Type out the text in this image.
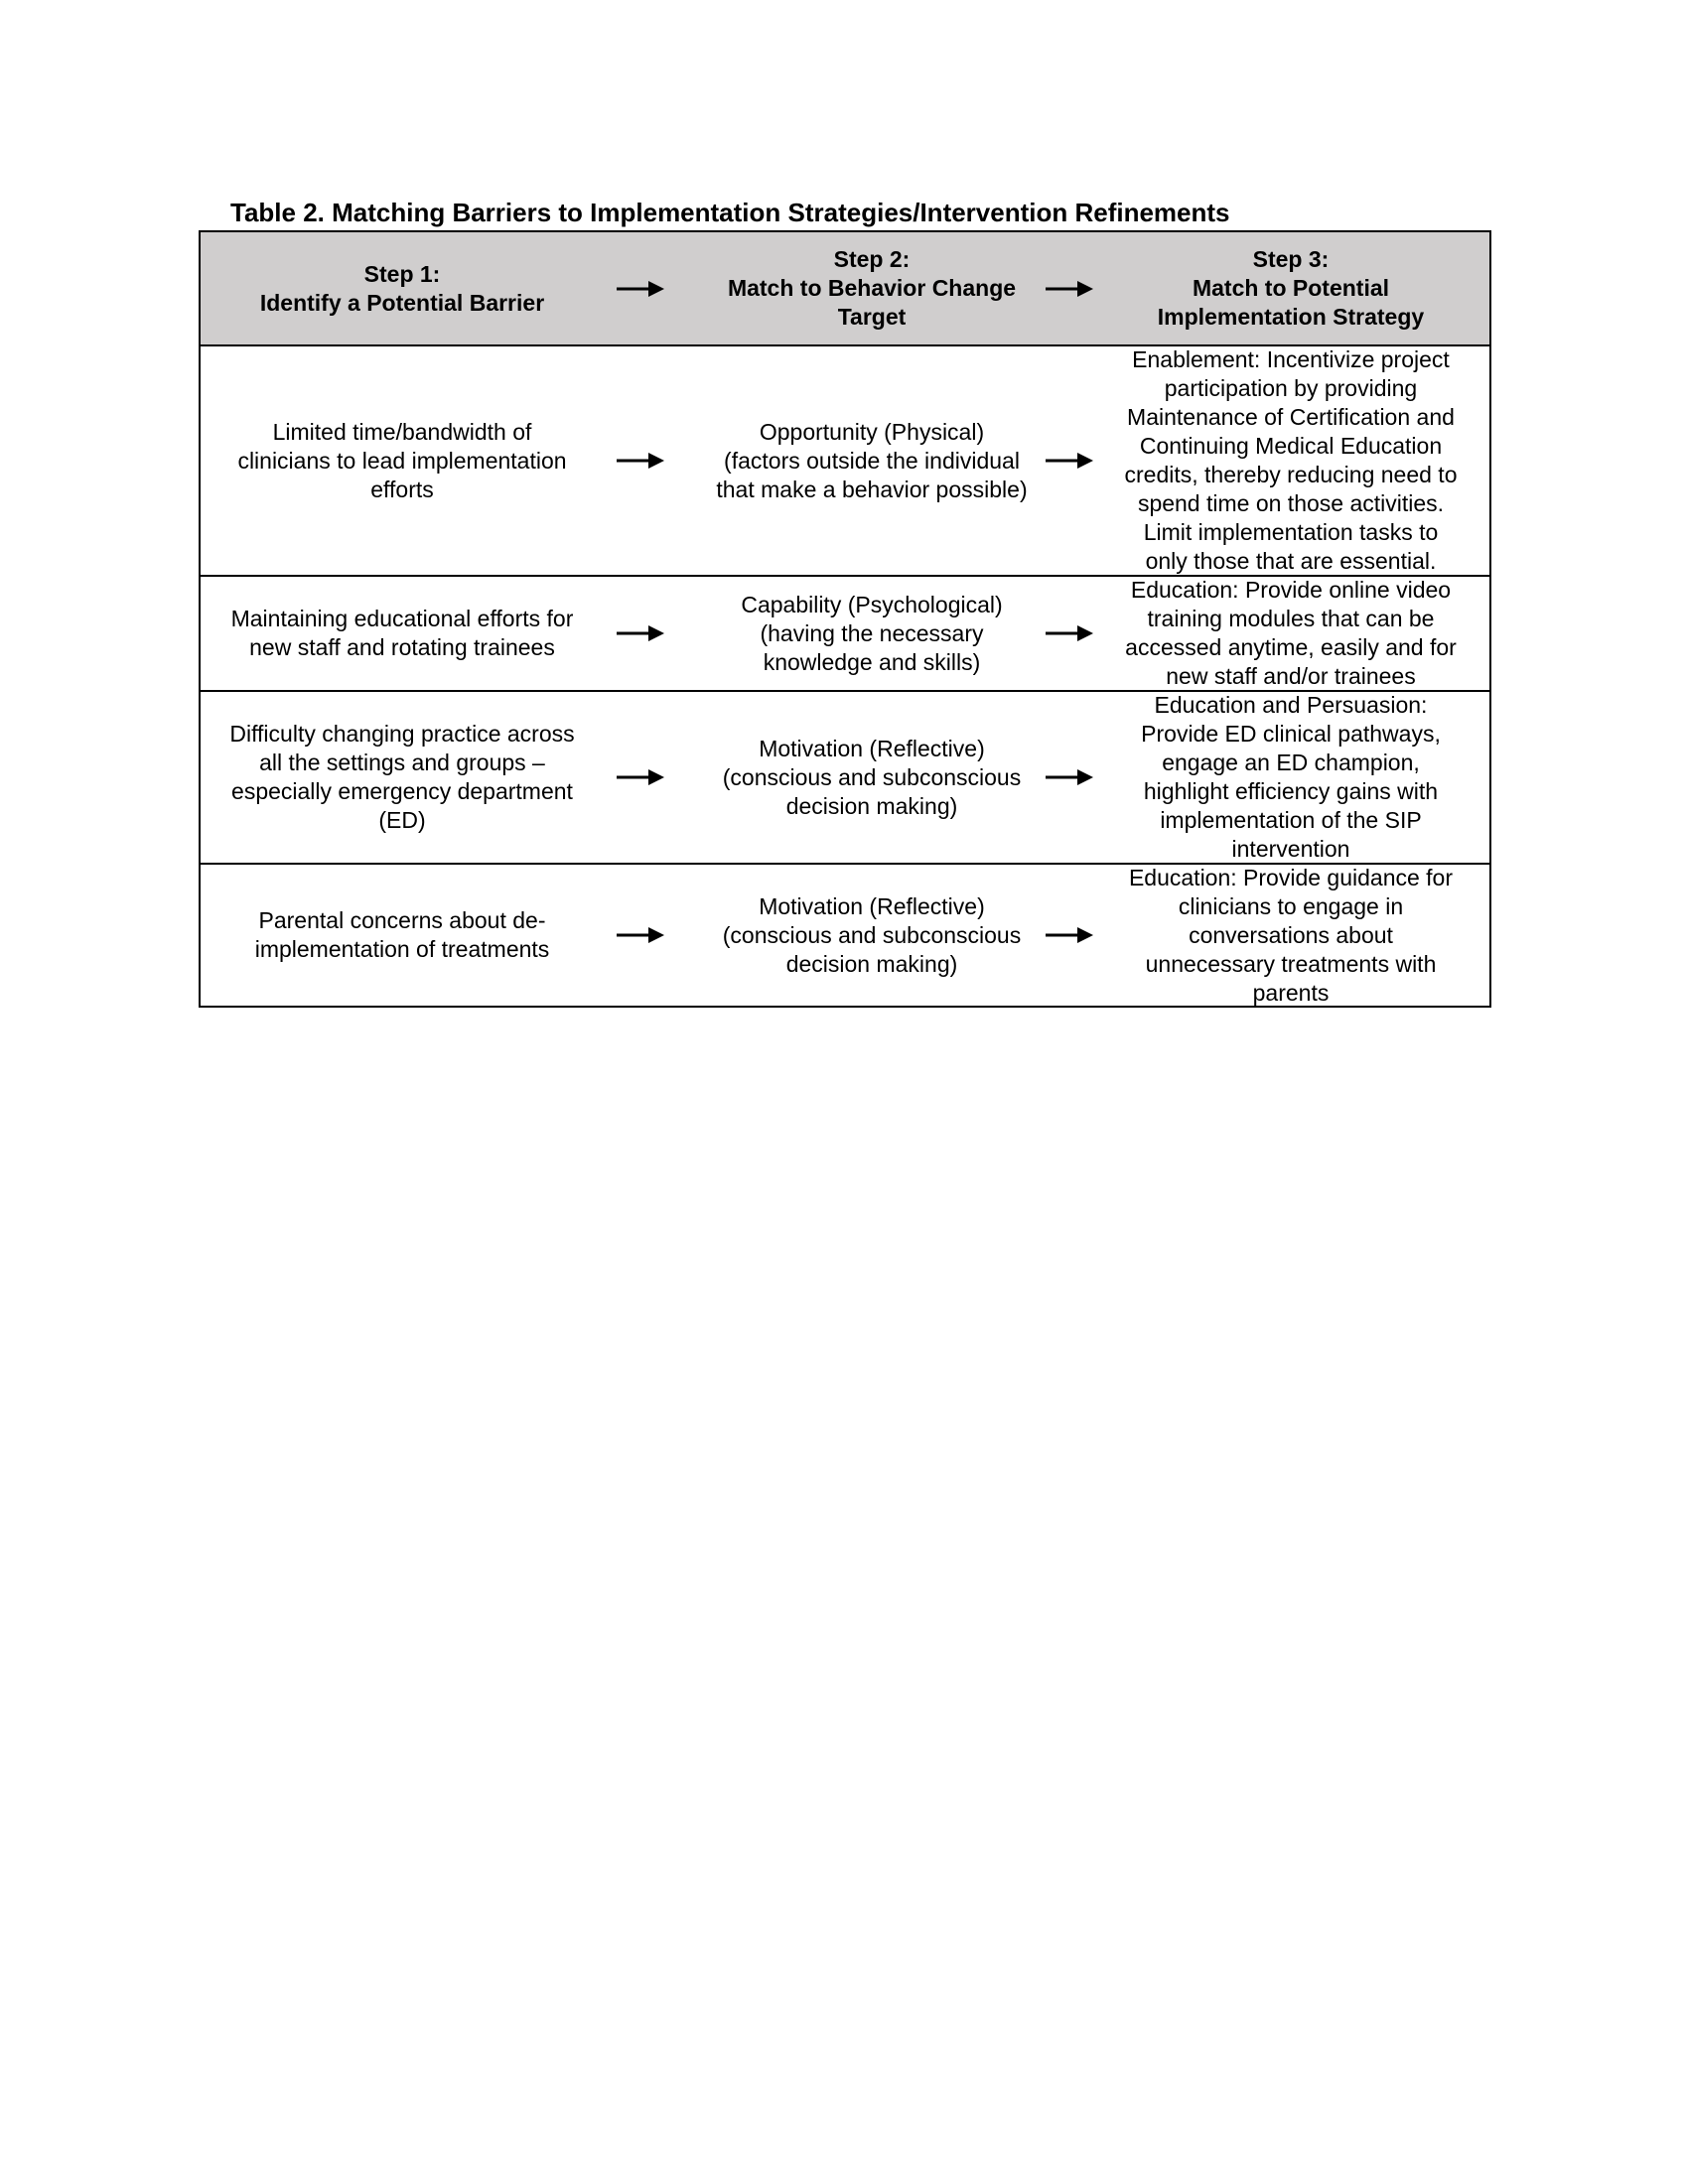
Table 2. Matching Barriers to Implementation Strategies/Intervention Refinements
Step 1:
Identify a Potential Barrier
Step 2:
Match to Behavior Change
Target
Step 3:
Match to Potential
Implementation Strategy
Limited time/bandwidth of
clinicians to lead implementation
efforts
Opportunity (Physical)
(factors outside the individual
that make a behavior possible)
Enablement: Incentivize project
participation by providing
Maintenance of Certification and
Continuing Medical Education
credits, thereby reducing need to
spend time on those activities.
Limit implementation tasks to
only those that are essential.
Maintaining educational efforts for
new staff and rotating trainees
Capability (Psychological)
(having the necessary
knowledge and skills)
Education: Provide online video
training modules that can be
accessed anytime, easily and for
new staff and/or trainees
Difficulty changing practice across
all the settings and groups –
especially emergency department
(ED)
Motivation (Reflective)
(conscious and subconscious
decision making)
Education and Persuasion:
Provide ED clinical pathways,
engage an ED champion,
highlight efficiency gains with
implementation of the SIP
intervention
Parental concerns about de-
implementation of treatments
Motivation (Reflective)
(conscious and subconscious
decision making)
Education: Provide guidance for
clinicians to engage in
conversations about
unnecessary treatments with
parents
